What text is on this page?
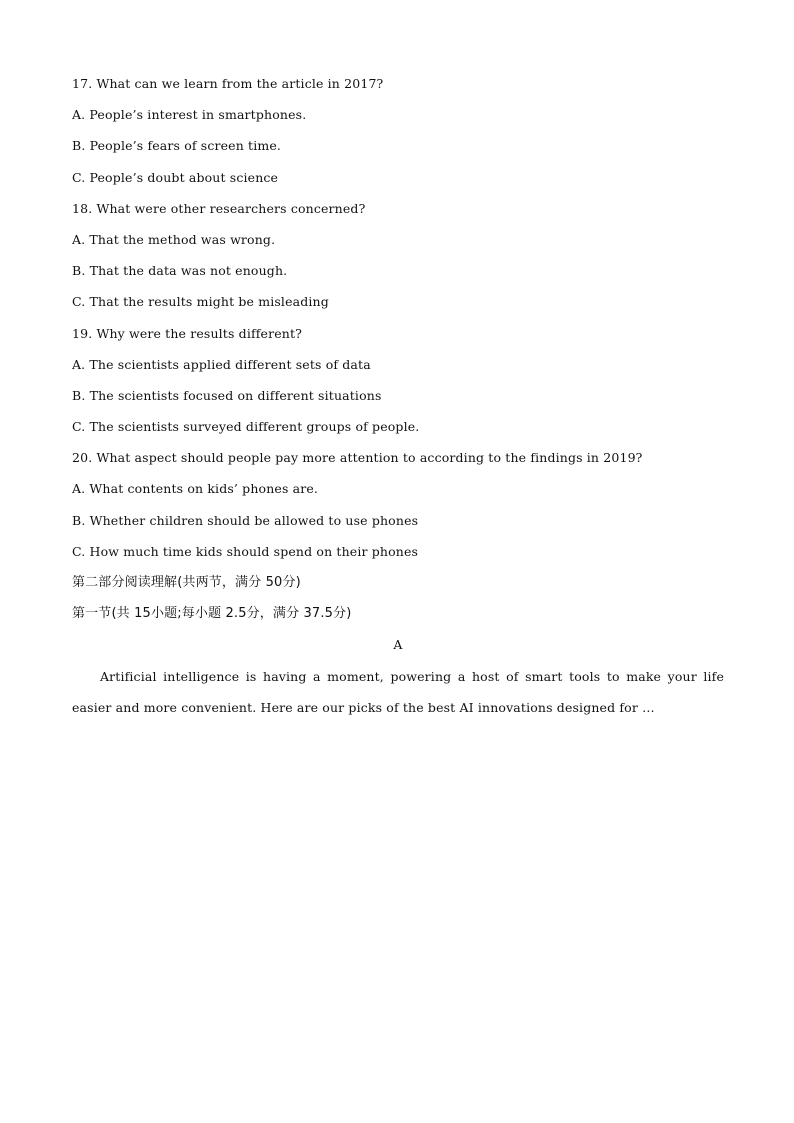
17. What can we learn from the article in 2017?
A. People’s interest in smartphones.
B. People’s fears of screen time.
C. People’s doubt about science
18. What were other researchers concerned?
A. That the method was wrong.
B. That the data was not enough.
C. That the results might be misleading
19. Why were the results different?
A. The scientists applied different sets of data
B. The scientists focused on different situations
C. The scientists surveyed different groups of people.
20. What aspect should people pay more attention to according to the findings in 2019?
A. What contents on kids’ phones are.
B. Whether children should be allowed to use phones
C. How much time kids should spend on their phones
第二部分阅读理解(共两节，满分 50分)
第一节(共 15小题;每小题 2.5分，满分 37.5分)
A
Artificial intelligence is having a moment, powering a host of smart tools to make your life easier and more convenient. Here are our picks of the best AI innovations designed for …
